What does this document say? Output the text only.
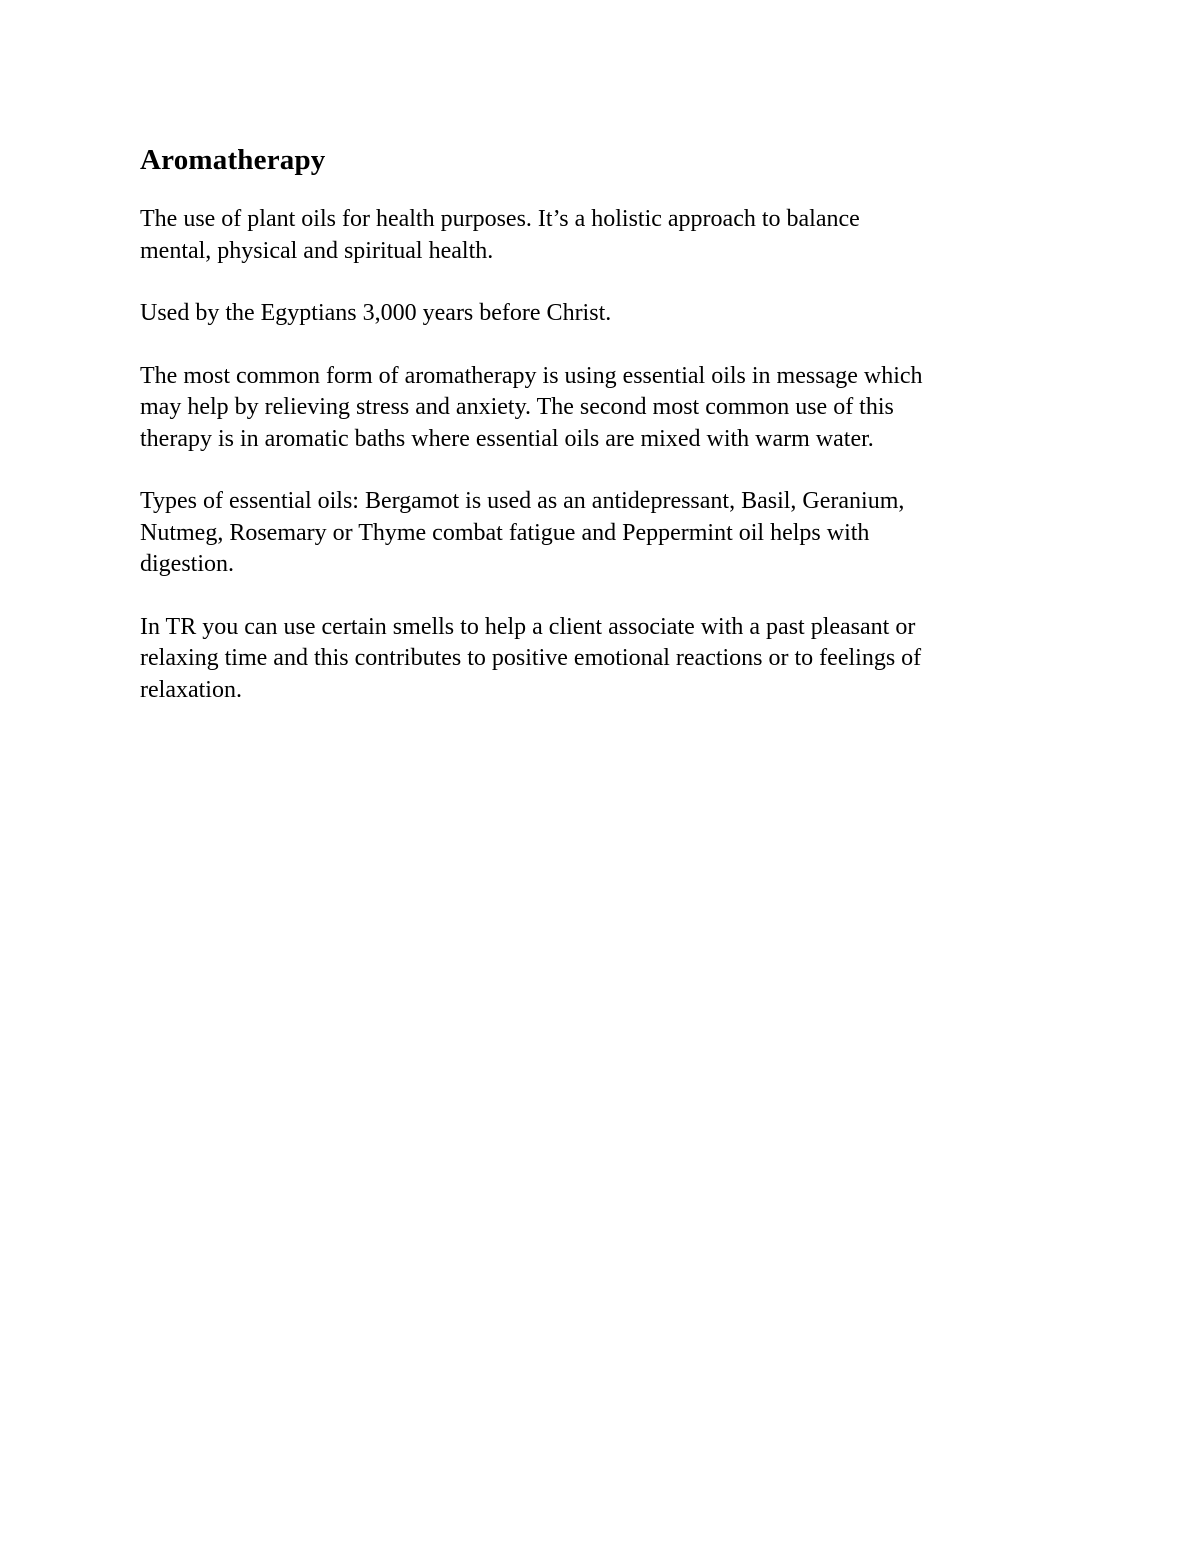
Aromatherapy

The use of plant oils for health purposes. It’s a holistic approach to balance
mental, physical and spiritual health.

Used by the Egyptians 3,000 years before Christ.

The most common form of aromatherapy is using essential oils in message which
may help by relieving stress and anxiety. The second most common use of this
therapy is in aromatic baths where essential oils are mixed with warm water.

Types of essential oils: Bergamot is used as an antidepressant, Basil, Geranium,
Nutmeg, Rosemary or Thyme combat fatigue and Peppermint oil helps with
digestion.

In TR you can use certain smells to help a client associate with a past pleasant or
relaxing time and this contributes to positive emotional reactions or to feelings of
relaxation.
